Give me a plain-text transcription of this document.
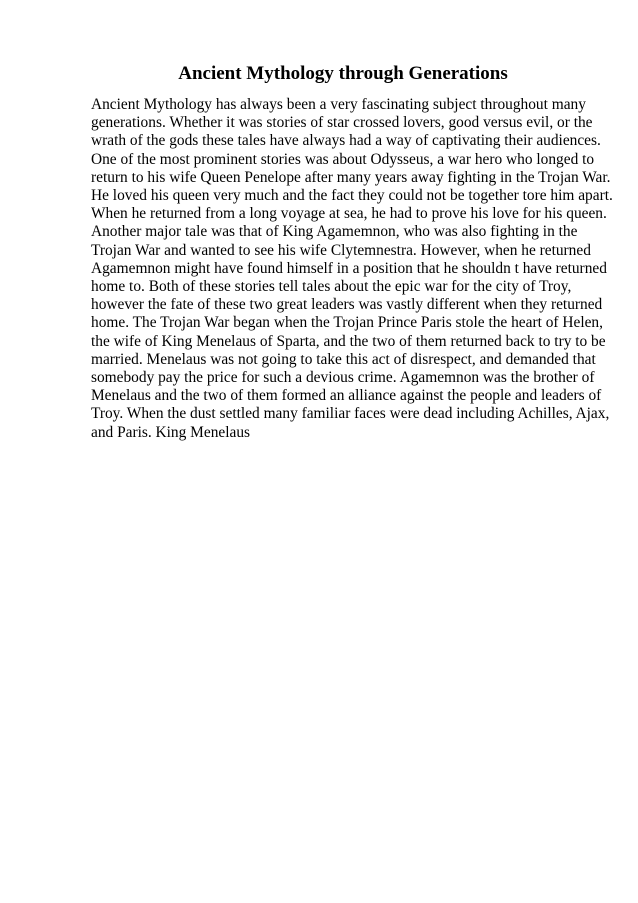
Ancient Mythology through Generations

Ancient Mythology has always been a very fascinating subject throughout many
generations. Whether it was stories of star crossed lovers, good versus evil, or the
wrath of the gods these tales have always had a way of captivating their audiences.
One of the most prominent stories was about Odysseus, a war hero who longed to
return to his wife Queen Penelope after many years away fighting in the Trojan War.
He loved his queen very much and the fact they could not be together tore him apart.
When he returned from a long voyage at sea, he had to prove his love for his queen.
Another major tale was that of King Agamemnon, who was also fighting in the
Trojan War and wanted to see his wife Clytemnestra. However, when he returned
Agamemnon might have found himself in a position that he shouldn t have returned
home to. Both of these stories tell tales about the epic war for the city of Troy,
however the fate of these two great leaders was vastly different when they returned
home. The Trojan War began when the Trojan Prince Paris stole the heart of Helen,
the wife of King Menelaus of Sparta, and the two of them returned back to try to be
married. Menelaus was not going to take this act of disrespect, and demanded that
somebody pay the price for such a devious crime. Agamemnon was the brother of
Menelaus and the two of them formed an alliance against the people and leaders of
Troy. When the dust settled many familiar faces were dead including Achilles, Ajax,
and Paris. King Menelaus
